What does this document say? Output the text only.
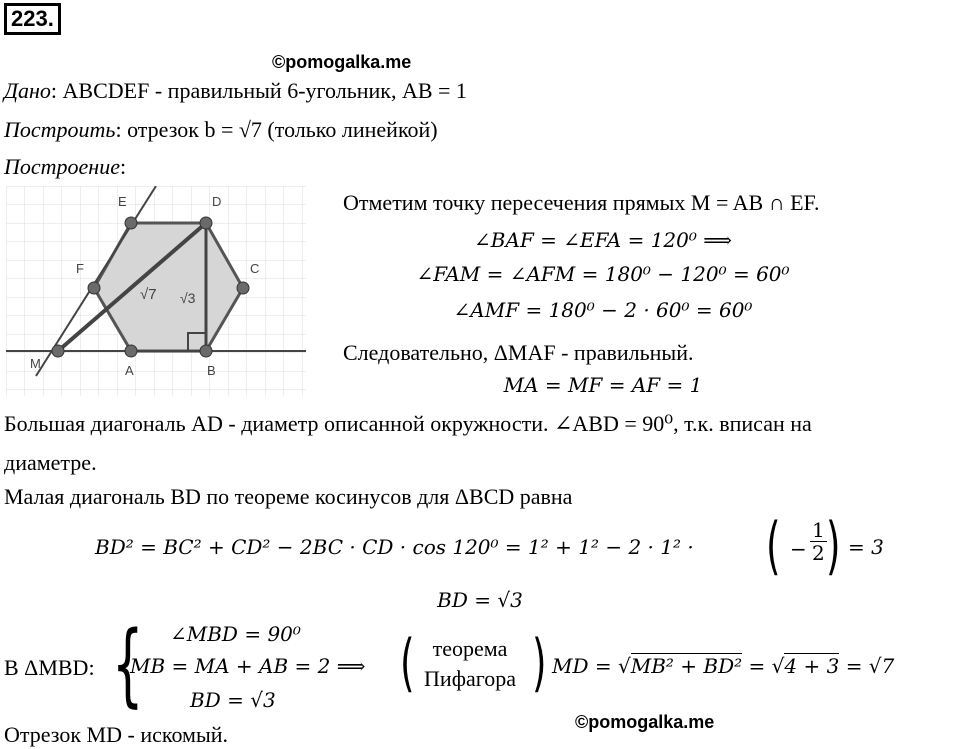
223.
©pomogalka.me
©pomogalka.me
Дано: ABCDEF - правильный 6-угольник, AB = 1
Построить: отрезок b = √7 (только линейкой)
Построение:
E	D
F	C
M	A	B
√7 √3
Отметим точку пересечения прямых M = AB ∩ EF.
∠BAF = ∠EFA = 120⁰ ⟹
∠FAM = ∠AFM = 180⁰ − 120⁰ = 60⁰
∠AMF = 180⁰ − 2 · 60⁰ = 60⁰
Следовательно, ΔMAF - правильный.
MA = MF = AF = 1
Большая диагональ AD - диаметр описанной окружности. ∠ABD = 90⁰, т.к. вписан на
диаметре.
Малая диагональ BD по теореме косинусов для ΔBCD равна
BD² = BC² + CD² − 2BC · CD · cos 120⁰ = 1² + 1² − 2 · 1² · ( − $\frac{1}{2}$ ) = 3
BD = √3
В ΔMBD: { ∠MBD = 90⁰
MB = MA + AB = 2 ⟹
BD = √3
( теорема
Пифагора ) MD = √MB² + BD² = √4 + 3 = √7
Отрезок MD - искомый.
